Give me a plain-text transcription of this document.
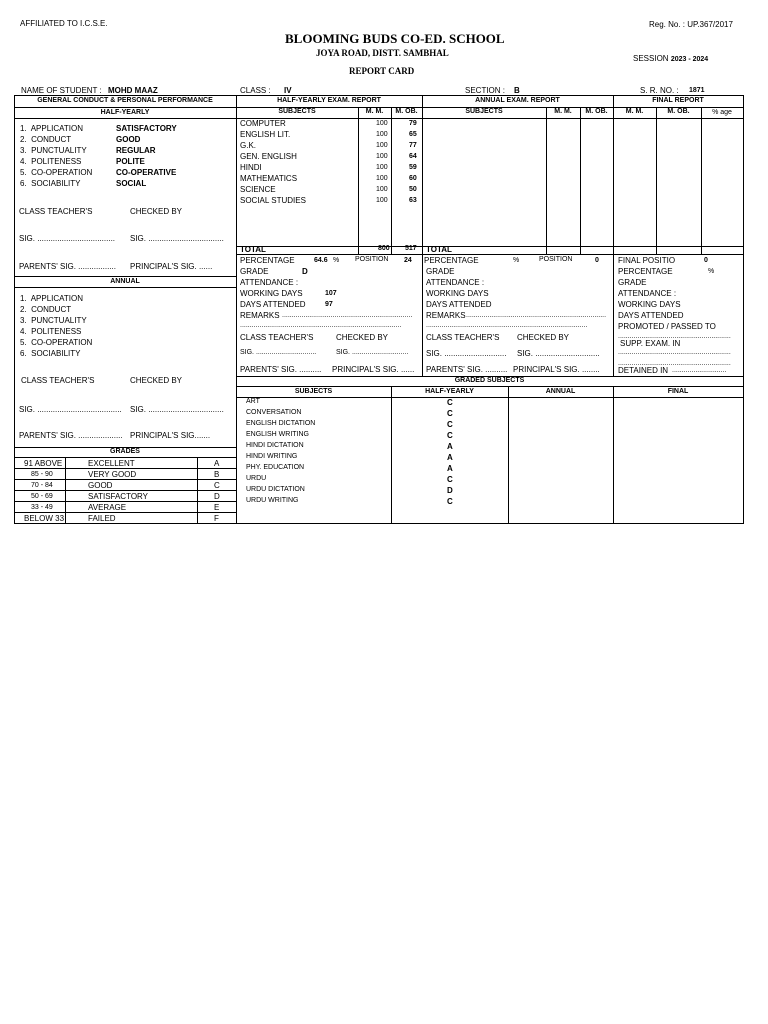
AFFILIATED TO I.C.S.E.	Reg. No. : UP.367/2017
BLOOMING BUDS CO-ED. SCHOOL
JOYA ROAD, DISTT. SAMBHAL
SESSION 2023 - 2024
REPORT CARD
NAME OF STUDENT : MOHD MAAZ	CLASS : IV	SECTION : B	S. R. NO. : 1871
GENERAL CONDUCT & PERSONAL PERFORMANCE
HALF-YEARLY
1. APPLICATION	SATISFACTORY
2. CONDUCT	GOOD
3. PUNCTUALITY	REGULAR
4. POLITENESS	POLITE
5. CO-OPERATION	CO-OPERATIVE
6. SOCIABILITY	SOCIAL
CLASS TEACHER'S	CHECKED BY
SIG. ................................... SIG. ..................................
PARENTS' SIG. ................. PRINCIPAL'S SIG. ......
ANNUAL
1. APPLICATION
2. CONDUCT
3. PUNCTUALITY
4. POLITENESS
5. CO-OPERATION
6. SOCIABILITY
CLASS TEACHER'S	CHECKED BY
SIG. ...................................... SIG. ..................................
PARENTS' SIG. .................... PRINCIPAL'S SIG.......
GRADES
91 ABOVE	EXCELLENT	A
85 - 90	VERY GOOD	B
70 - 84	GOOD	C
50 - 69	SATISFACTORY	D
33 - 49	AVERAGE	E
BELOW 33	FAILED	F
HALF-YEARLY EXAM. REPORT
SUBJECTS	M. M.	M. OB.
COMPUTER	100	79
ENGLISH LIT.	100	65
G.K.	100	77
GEN. ENGLISH	100	64
HINDI	100	59
MATHEMATICS	100	60
SCIENCE	100	50
SOCIAL STUDIES	100	63
TOTAL	800 517
PERCENTAGE	64.6 % POSITION 24
GRADE	D
ATTENDANCE :
WORKING DAYS	107
DAYS ATTENDED	97
REMARKS ...................................................................
...................................................................................
CLASS TEACHER'S	CHECKED BY
SIG. ...............................	SIG. .............................
PARENTS' SIG. .......... PRINCIPAL'S SIG. ......
ANNUAL EXAM. REPORT
SUBJECTS	M. M.	M. OB.
TOTAL
PERCENTAGE	%	POSITION	0
GRADE
ATTENDANCE :
WORKING DAYS
DAYS ATTENDED
REMARKS ........................................................................
...................................................................................
CLASS TEACHER'S CHECKED BY
SIG. ............................ SIG. .............................
PARENTS' SIG. .......... PRINCIPAL'S SIG. ........
FINAL REPORT
M. M.	M. OB.	% age
FINAL POSITIO	0
PERCENTAGE	%
GRADE
ATTENDANCE :
WORKING DAYS
DAYS ATTENDED
PROMOTED / PASSED TO
..........................................................
SUPP. EXAM. IN
..........................................................
..........................................................
DETAINED IN ............................
GRADED SUBJECTS
SUBJECTS	HALF-YEARLY	ANNUAL	FINAL
ART	C
CONVERSATION	C
ENGLISH DICTATION	C
ENGLISH WRITING	C
HINDI DICTATION	A
HINDI WRITING	A
PHY. EDUCATION	A
URDU	C
URDU DICTATION	D
URDU WRITING	C
